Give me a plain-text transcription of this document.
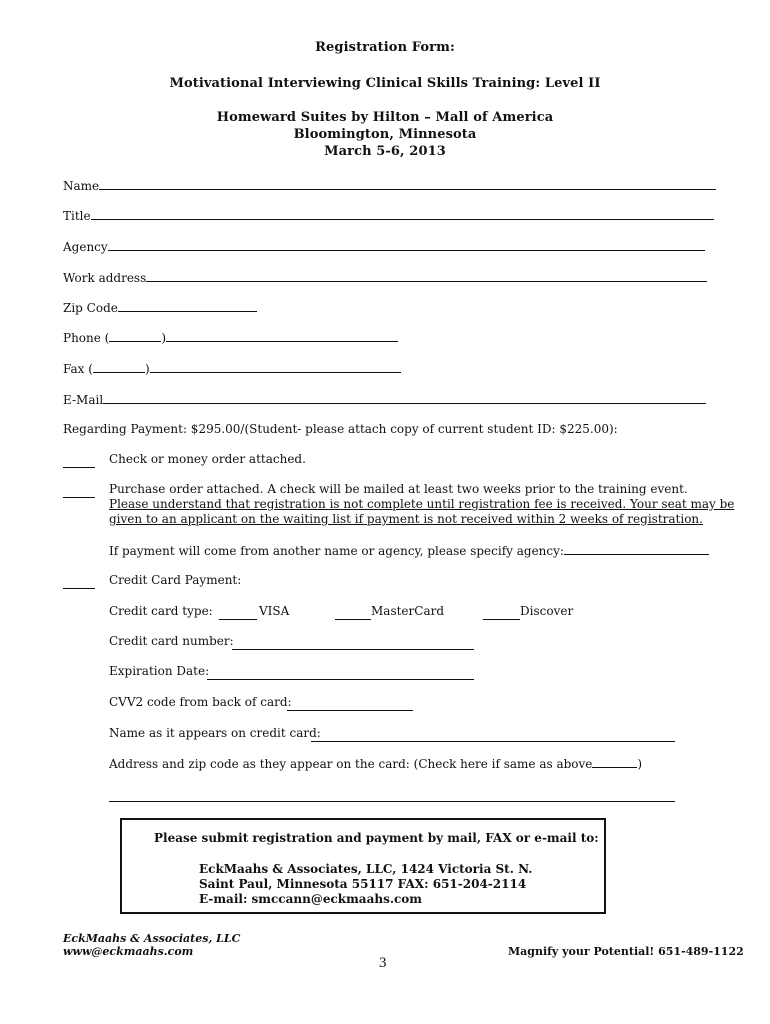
Registration Form:
Motivational Interviewing Clinical Skills Training: Level II
Homeward Suites by Hilton – Mall of America
Bloomington, Minnesota
March 5-6, 2013
Name
Title
Agency
Work address
Zip Code
Phone (	)
Fax (	)
E-Mail
Regarding Payment: $295.00/(Student- please attach copy of current student ID: $225.00):
Check or money order attached.
Purchase order attached. A check will be mailed at least two weeks prior to the training event.
Please understand that registration is not complete until registration fee is received. Your seat may be
given to an applicant on the waiting list if payment is not received within 2 weeks of registration.
If payment will come from another name or agency, please specify agency:
Credit Card Payment:
Credit card type:	VISA	MasterCard	Discover
Credit card number:
Expiration Date:
CVV2 code from back of card:
Name as it appears on credit card:
Address and zip code as they appear on the card: (Check here if same as above	)
Please submit registration and payment by mail, FAX or e-mail to:
EckMaahs & Associates, LLC, 1424 Victoria St. N.
Saint Paul, Minnesota 55117 FAX: 651-204-2114
E-mail: smccann@eckmaahs.com
EckMaahs & Associates, LLC
www@eckmaahs.com
3
Magnify your Potential! 651-489-1122
